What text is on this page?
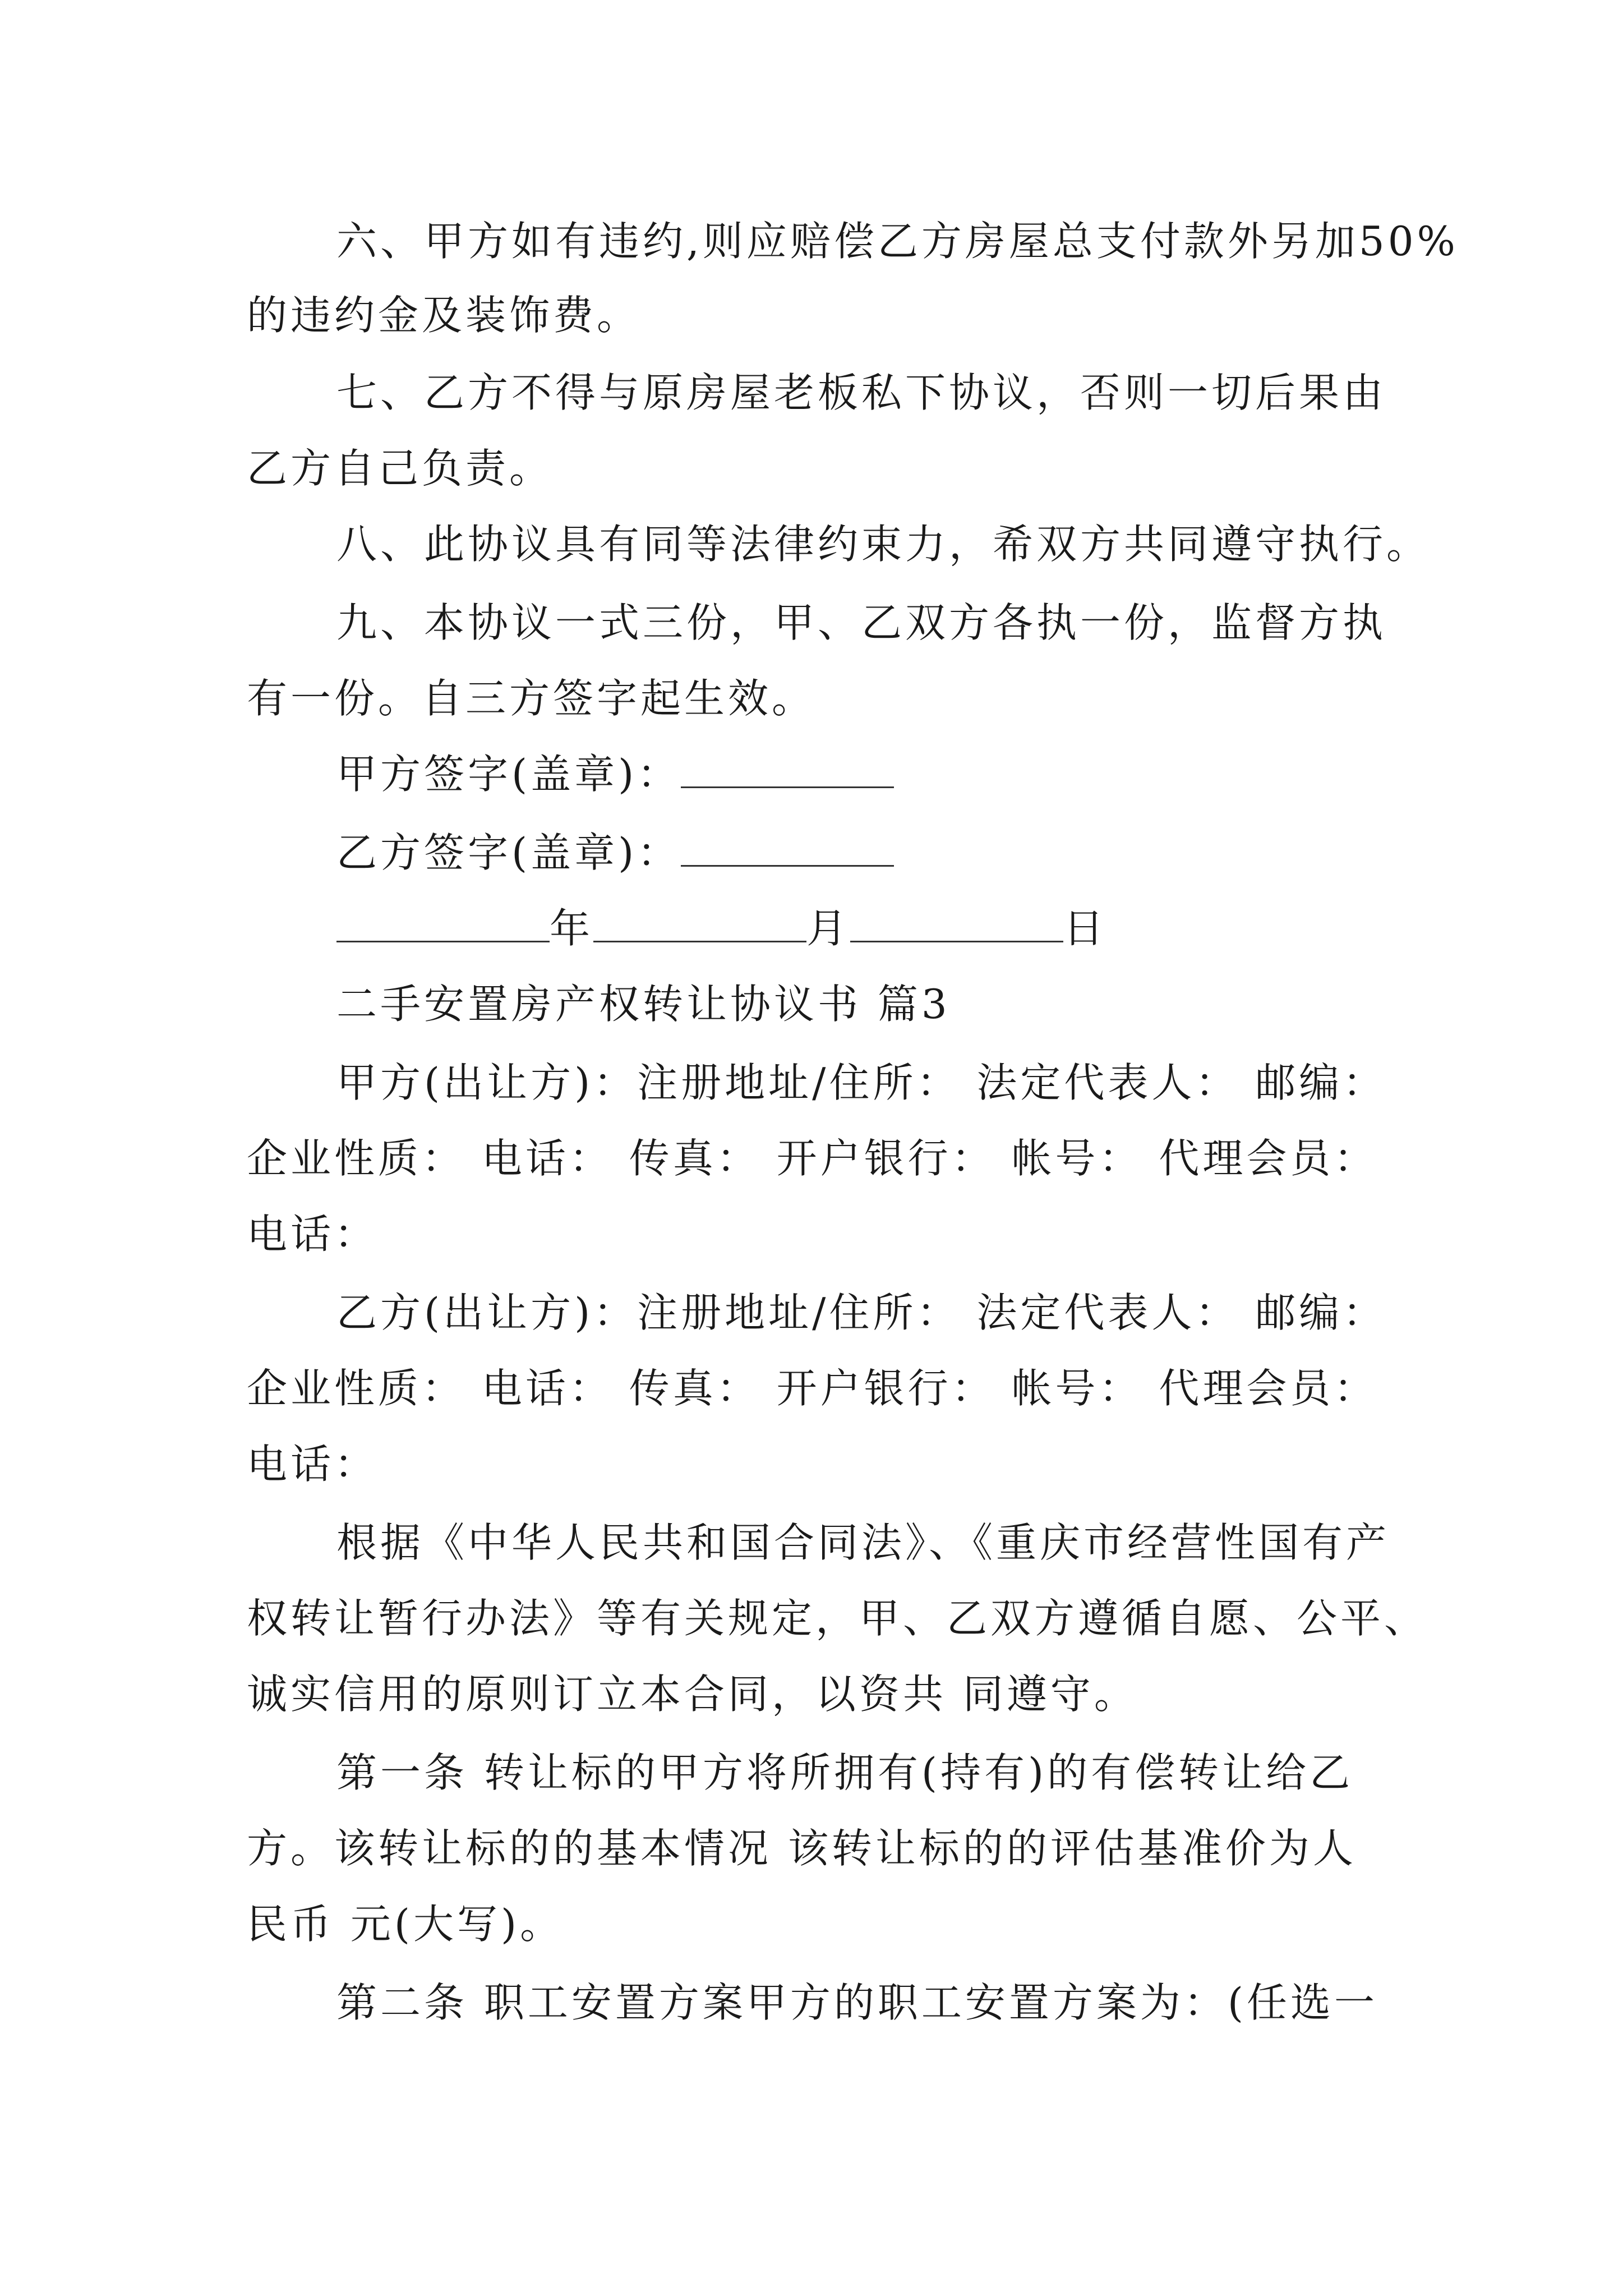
六、甲方如有违约,则应赔偿乙方房屋总支付款外另加50%
的违约金及装饰费。
七、乙方不得与原房屋老板私下协议，否则一切后果由
乙方自己负责。
八、此协议具有同等法律约束力，希双方共同遵守执行。
九、本协议一式三份，甲、乙双方各执一份，监督方执
有一份。自三方签字起生效。
甲方签字(盖章)：
乙方签字(盖章)：
年	月	日
二手安置房产权转让协议书 篇3
甲方(出让方)：注册地址/住所： 法定代表人： 邮编：
企业性质： 电话： 传真： 开户银行： 帐号： 代理会员：
电话：
乙方(出让方)：注册地址/住所： 法定代表人： 邮编：
企业性质： 电话： 传真： 开户银行： 帐号： 代理会员：
电话：
根据《中华人民共和国合同法》、《重庆市经营性国有产
权转让暂行办法》等有关规定，甲、乙双方遵循自愿、公平、
诚实信用的原则订立本合同，以资共 同遵守。
第一条 转让标的甲方将所拥有(持有)的有偿转让给乙
方。该转让标的的基本情况 该转让标的的评估基准价为人
民币 元(大写)。
第二条 职工安置方案甲方的职工安置方案为：(任选一
